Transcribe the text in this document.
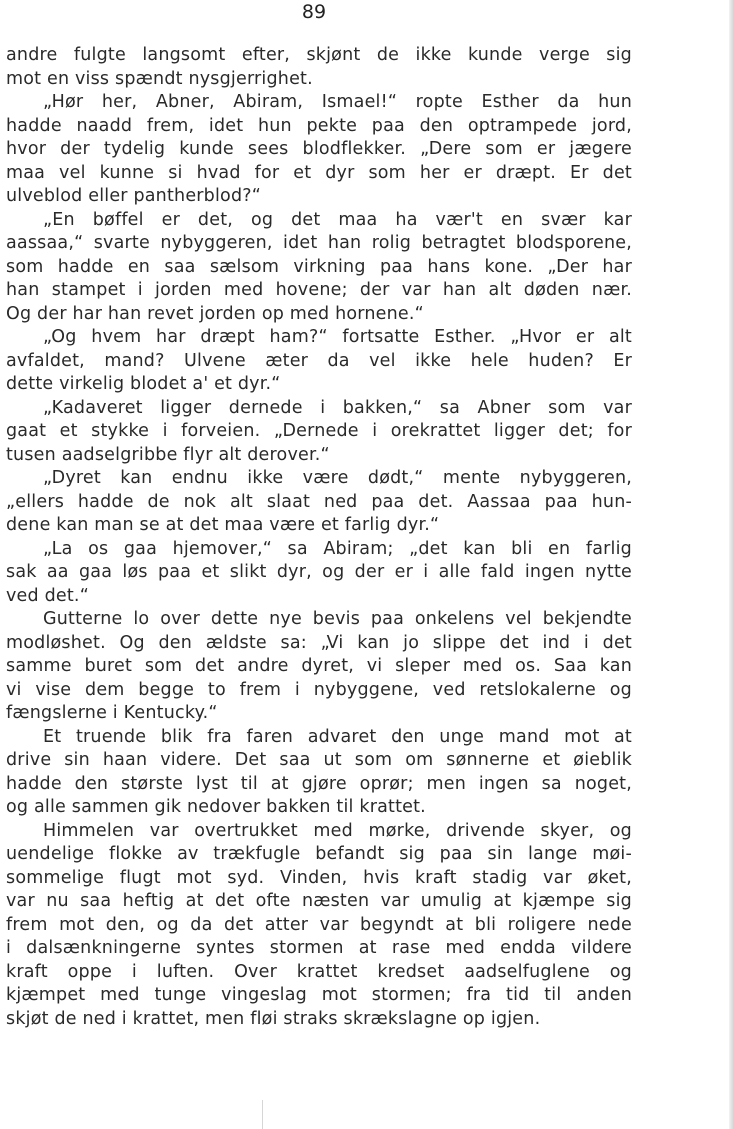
89
andre fulgte langsomt efter, skjønt de ikke kunde verge sig
mot en viss spændt nysgjerrighet.
„Hør her, Abner, Abiram, Ismael!“ ropte Esther da hun
hadde naadd frem, idet hun pekte paa den optrampede jord,
hvor der tydelig kunde sees blodflekker. „Dere som er jægere
maa vel kunne si hvad for et dyr som her er dræpt. Er det
ulveblod eller pantherblod?“
„En bøffel er det, og det maa ha vær't en svær kar
aassaa,“ svarte nybyggeren, idet han rolig betragtet blodsporene,
som hadde en saa sælsom virkning paa hans kone. „Der har
han stampet i jorden med hovene; der var han alt døden nær.
Og der har han revet jorden op med hornene.“
„Og hvem har dræpt ham?“ fortsatte Esther. „Hvor er alt
avfaldet, mand? Ulvene æter da vel ikke hele huden? Er
dette virkelig blodet a' et dyr.“
„Kadaveret ligger dernede i bakken,“ sa Abner som var
gaat et stykke i forveien. „Dernede i orekrattet ligger det; for
tusen aadselgribbe flyr alt derover.“
„Dyret kan endnu ikke være dødt,“ mente nybyggeren,
„ellers hadde de nok alt slaat ned paa det. Aassaa paa hun-
dene kan man se at det maa være et farlig dyr.“
„La os gaa hjemover,“ sa Abiram; „det kan bli en farlig
sak aa gaa løs paa et slikt dyr, og der er i alle fald ingen nytte
ved det.“
Gutterne lo over dette nye bevis paa onkelens vel bekjendte
modløshet. Og den ældste sa: „Vi kan jo slippe det ind i det
samme buret som det andre dyret, vi sleper med os. Saa kan
vi vise dem begge to frem i nybyggene, ved retslokalerne og
fængslerne i Kentucky.“
Et truende blik fra faren advaret den unge mand mot at
drive sin haan videre. Det saa ut som om sønnerne et øieblik
hadde den største lyst til at gjøre oprør; men ingen sa noget,
og alle sammen gik nedover bakken til krattet.
Himmelen var overtrukket med mørke, drivende skyer, og
uendelige flokke av trækfugle befandt sig paa sin lange møi-
sommelige flugt mot syd. Vinden, hvis kraft stadig var øket,
var nu saa heftig at det ofte næsten var umulig at kjæmpe sig
frem mot den, og da det atter var begyndt at bli roligere nede
i dalsænkningerne syntes stormen at rase med endda vildere
kraft oppe i luften. Over krattet kredset aadselfuglene og
kjæmpet med tunge vingeslag mot stormen; fra tid til anden
skjøt de ned i krattet, men fløi straks skrækslagne op igjen.
